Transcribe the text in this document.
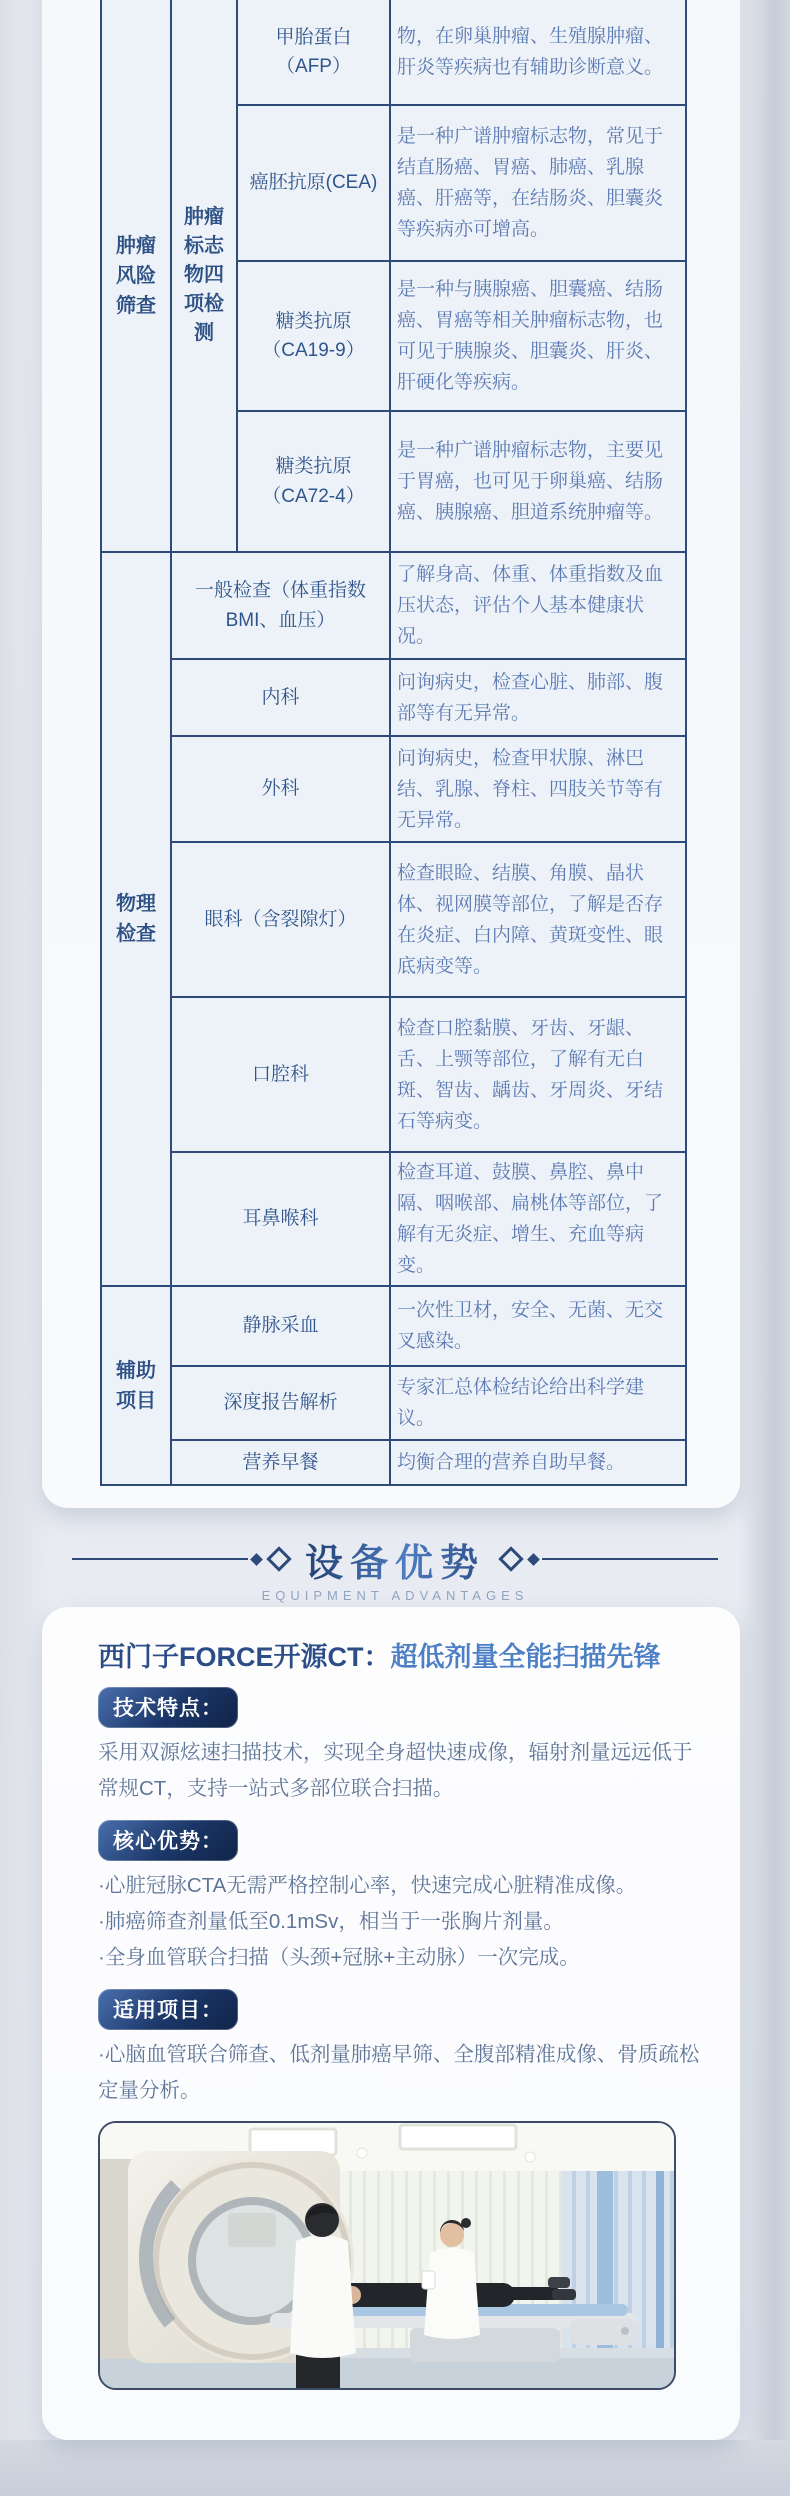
肿瘤风险筛查	肿瘤标志物四项检测	甲胎蛋白（AFP）	物，在卵巢肿瘤、生殖腺肿瘤、肝炎等疾病也有辅助诊断意义。
		癌胚抗原(CEA)	是一种广谱肿瘤标志物，常见于结直肠癌、胃癌、肺癌、乳腺癌、肝癌等，在结肠炎、胆囊炎等疾病亦可增高。
		糖类抗原（CA19-9）	是一种与胰腺癌、胆囊癌、结肠癌、胃癌等相关肿瘤标志物，也可见于胰腺炎、胆囊炎、肝炎、肝硬化等疾病。
		糖类抗原（CA72-4）	是一种广谱肿瘤标志物，主要见于胃癌，也可见于卵巢癌、结肠癌、胰腺癌、胆道系统肿瘤等。
物理检查	一般检查（体重指数BMI、血压）		了解身高、体重、体重指数及血压状态，评估个人基本健康状况。
	内科		问询病史，检查心脏、肺部、腹部等有无异常。
	外科		问询病史，检查甲状腺、淋巴结、乳腺、脊柱、四肢关节等有无异常。
	眼科（含裂隙灯）		检查眼睑、结膜、角膜、晶状体、视网膜等部位，了解是否存在炎症、白内障、黄斑变性、眼底病变等。
	口腔科		检查口腔黏膜、牙齿、牙龈、舌、上颚等部位，了解有无白斑、智齿、龋齿、牙周炎、牙结石等病变。
	耳鼻喉科		检查耳道、鼓膜、鼻腔、鼻中隔、咽喉部、扁桃体等部位，了解有无炎症、增生、充血等病变。
辅助项目	静脉采血		一次性卫材，安全、无菌、无交叉感染。
	深度报告解析		专家汇总体检结论给出科学建议。
	营养早餐		均衡合理的营养自助早餐。
设备优势
EQUIPMENT ADVANTAGES
西门子FORCE开源CT：超低剂量全能扫描先锋
技术特点：
采用双源炫速扫描技术，实现全身超快速成像，辐射剂量远远低于常规CT，支持一站式多部位联合扫描。
核心优势：
·心脏冠脉CTA无需严格控制心率，快速完成心脏精准成像。
·肺癌筛查剂量低至0.1mSv，相当于一张胸片剂量。
·全身血管联合扫描（头颈+冠脉+主动脉）一次完成。
适用项目：
·心脑血管联合筛查、低剂量肺癌早筛、全腹部精准成像、骨质疏松定量分析。
